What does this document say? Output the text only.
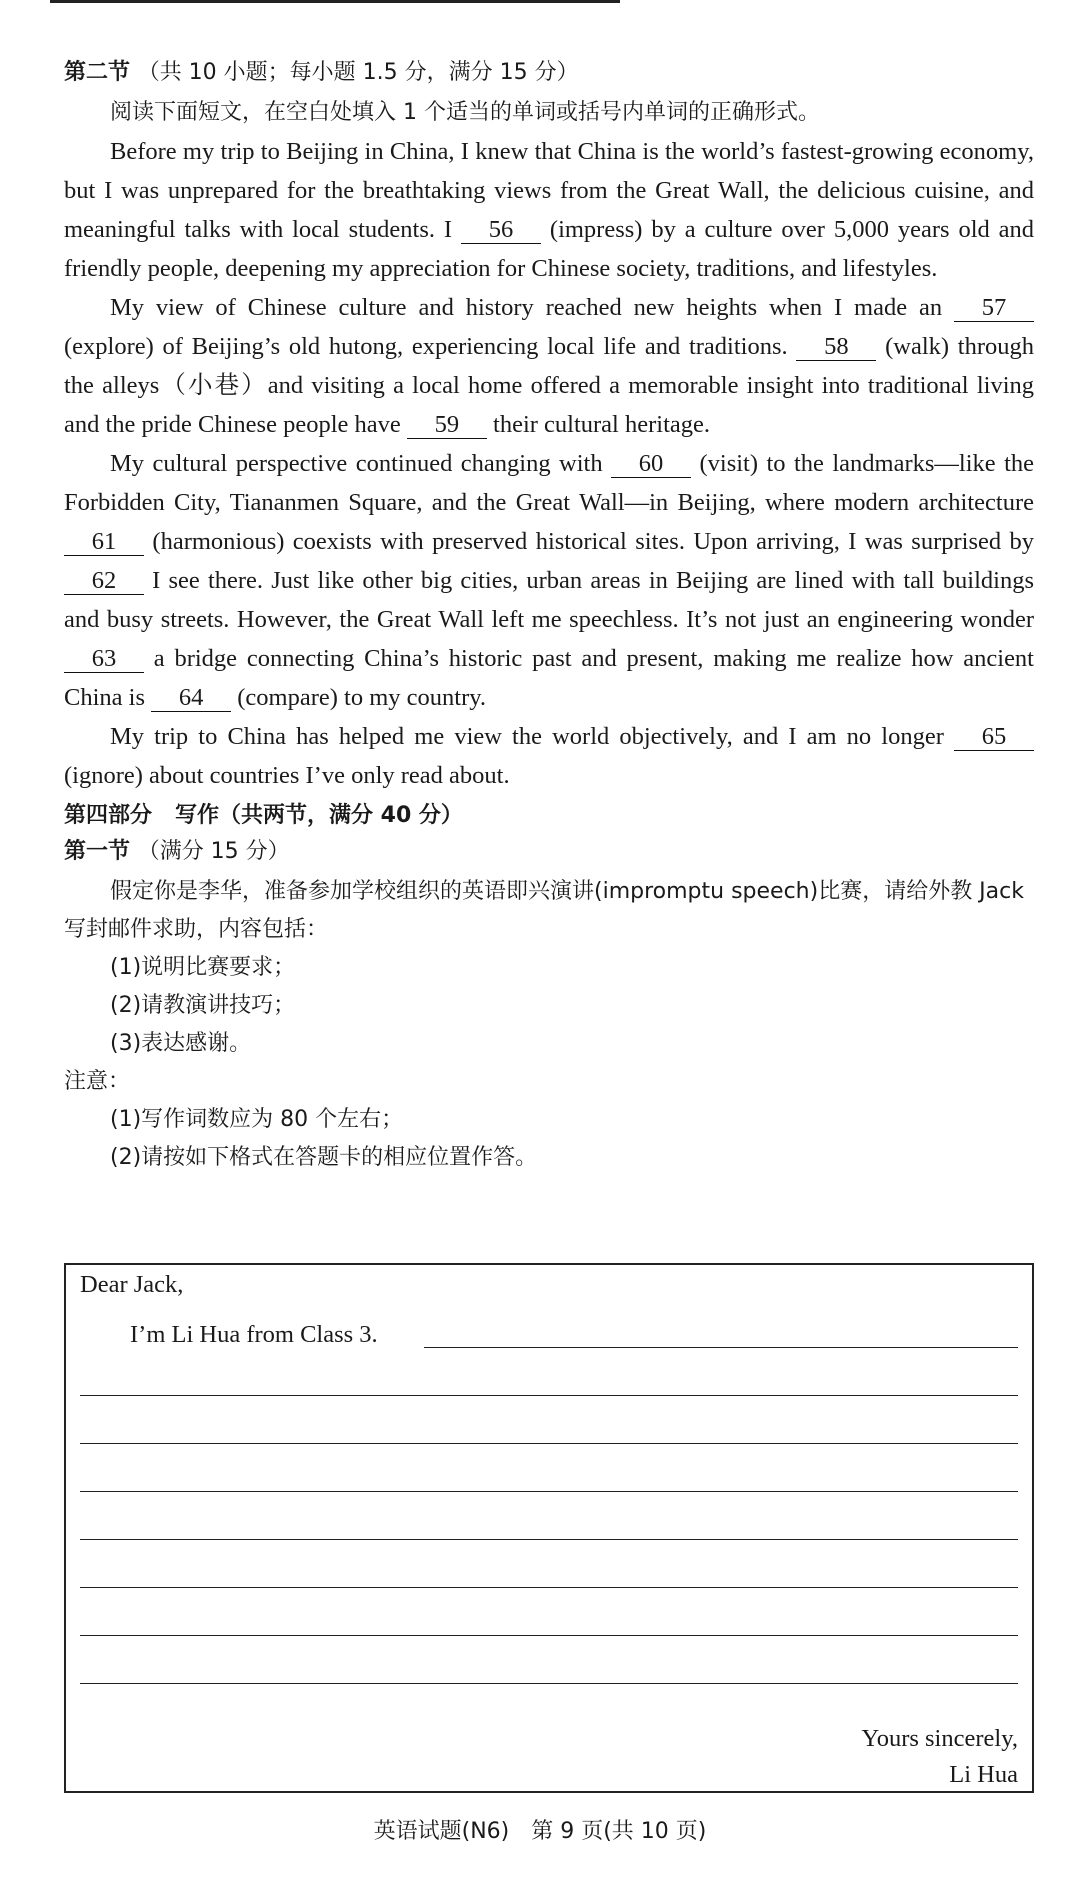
第二节 （共 10 小题；每小题 1.5 分，满分 15 分）

阅读下面短文，在空白处填入 1 个适当的单词或括号内单词的正确形式。

Before my trip to Beijing in China, I knew that China is the world’s fastest-growing economy, but I was unprepared for the breathtaking views from the Great Wall, the delicious cuisine, and meaningful talks with local students. I 56 (impress) by a culture over 5,000 years old and friendly people, deepening my appreciation for Chinese society, traditions, and lifestyles.

My view of Chinese culture and history reached new heights when I made an 57 (explore) of Beijing’s old hutong, experiencing local life and traditions. 58 (walk) through the alleys（小巷）and visiting a local home offered a memorable insight into traditional living and the pride Chinese people have 59 their cultural heritage.

My cultural perspective continued changing with 60 (visit) to the landmarks—like the Forbidden City, Tiananmen Square, and the Great Wall—in Beijing, where modern architecture 61 (harmonious) coexists with preserved historical sites. Upon arriving, I was surprised by 62 I see there. Just like other big cities, urban areas in Beijing are lined with tall buildings and busy streets. However, the Great Wall left me speechless. It’s not just an engineering wonder 63 a bridge connecting China’s historic past and present, making me realize how ancient China is 64 (compare) to my country.

My trip to China has helped me view the world objectively, and I am no longer 65 (ignore) about countries I’ve only read about.

第四部分 写作（共两节，满分 40 分）

第一节 （满分 15 分）

假定你是李华，准备参加学校组织的英语即兴演讲(impromptu speech)比赛，请给外教 Jack 写封邮件求助，内容包括：

(1)说明比赛要求；

(2)请教演讲技巧；

(3)表达感谢。

注意：

(1)写作词数应为 80 个左右；

(2)请按如下格式在答题卡的相应位置作答。

Dear Jack,
I’m Li Hua from Class 3.
Yours sincerely,
Li Hua
英语试题(N6)　第 9 页(共 10 页)
